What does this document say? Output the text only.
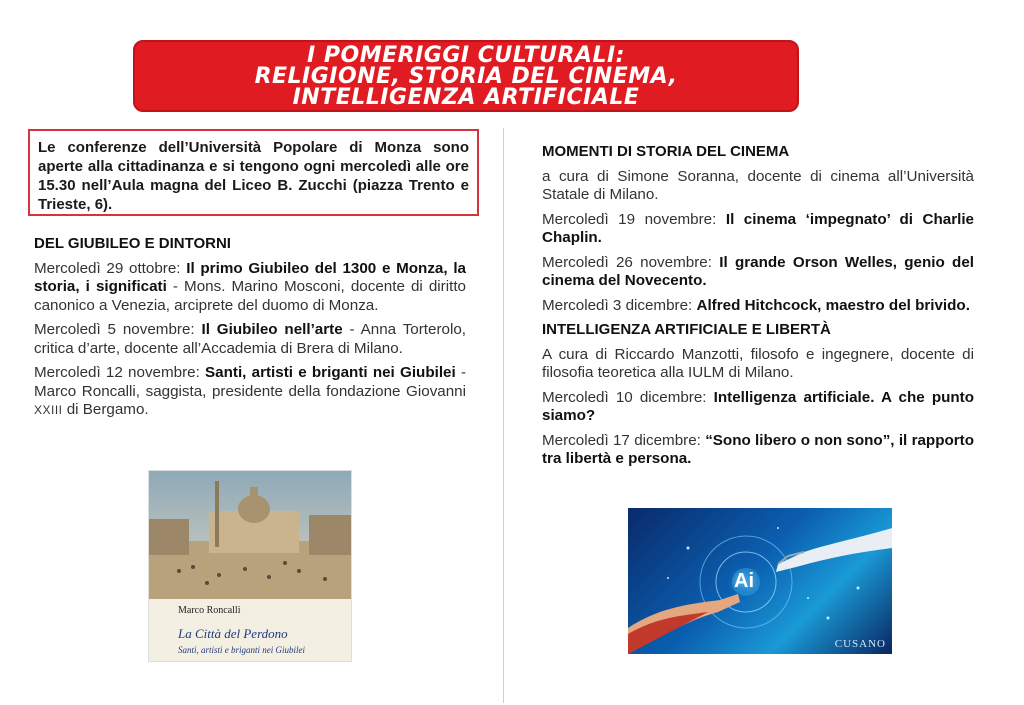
I POMERIGGI CULTURALI:
RELIGIONE, STORIA DEL CINEMA,
INTELLIGENZA ARTIFICIALE
Le conferenze dell’Università Popolare di Monza sono aperte alla cittadinanza e si tengono ogni mercoledì alle ore 15.30 nell’Aula magna del Liceo B. Zucchi (piazza Trento e Trieste, 6).
DEL GIUBILEO E DINTORNI

Mercoledì 29 ottobre: Il primo Giubileo del 1300 e Monza, la storia, i significati - Mons. Marino Mosconi, docente di diritto canonico a Venezia, arciprete del duomo di Monza.

Mercoledì 5 novembre: Il Giubileo nell’arte - Anna Torterolo, critica d’arte, docente all’Accademia di Brera di Milano.

Mercoledì 12 novembre: Santi, artisti e briganti nei Giubilei - Marco Roncalli, saggista, presidente della fondazione Giovanni XXIII di Bergamo.

Marco Roncalli
La Città del Perdono
Santi, artisti e briganti nei Giubilei
MOMENTI DI STORIA DEL CINEMA

a cura di Simone Soranna, docente di cinema all’Università Statale di Milano.

Mercoledì 19 novembre: Il cinema ‘impegnato’ di Charlie Chaplin.

Mercoledì 26 novembre: Il grande Orson Welles, genio del cinema del Novecento.

Mercoledì 3 dicembre: Alfred Hitchcock, maestro del brivido.

INTELLIGENZA ARTIFICIALE E LIBERTÀ

A cura di Riccardo Manzotti, filosofo e ingegnere, docente di filosofia teoretica alla IULM di Milano.

Mercoledì 10 dicembre: Intelligenza artificiale. A che punto siamo?

Mercoledì 17 dicembre: “Sono libero o non sono”, il rapporto tra libertà e persona.

Ai
CUSANO
